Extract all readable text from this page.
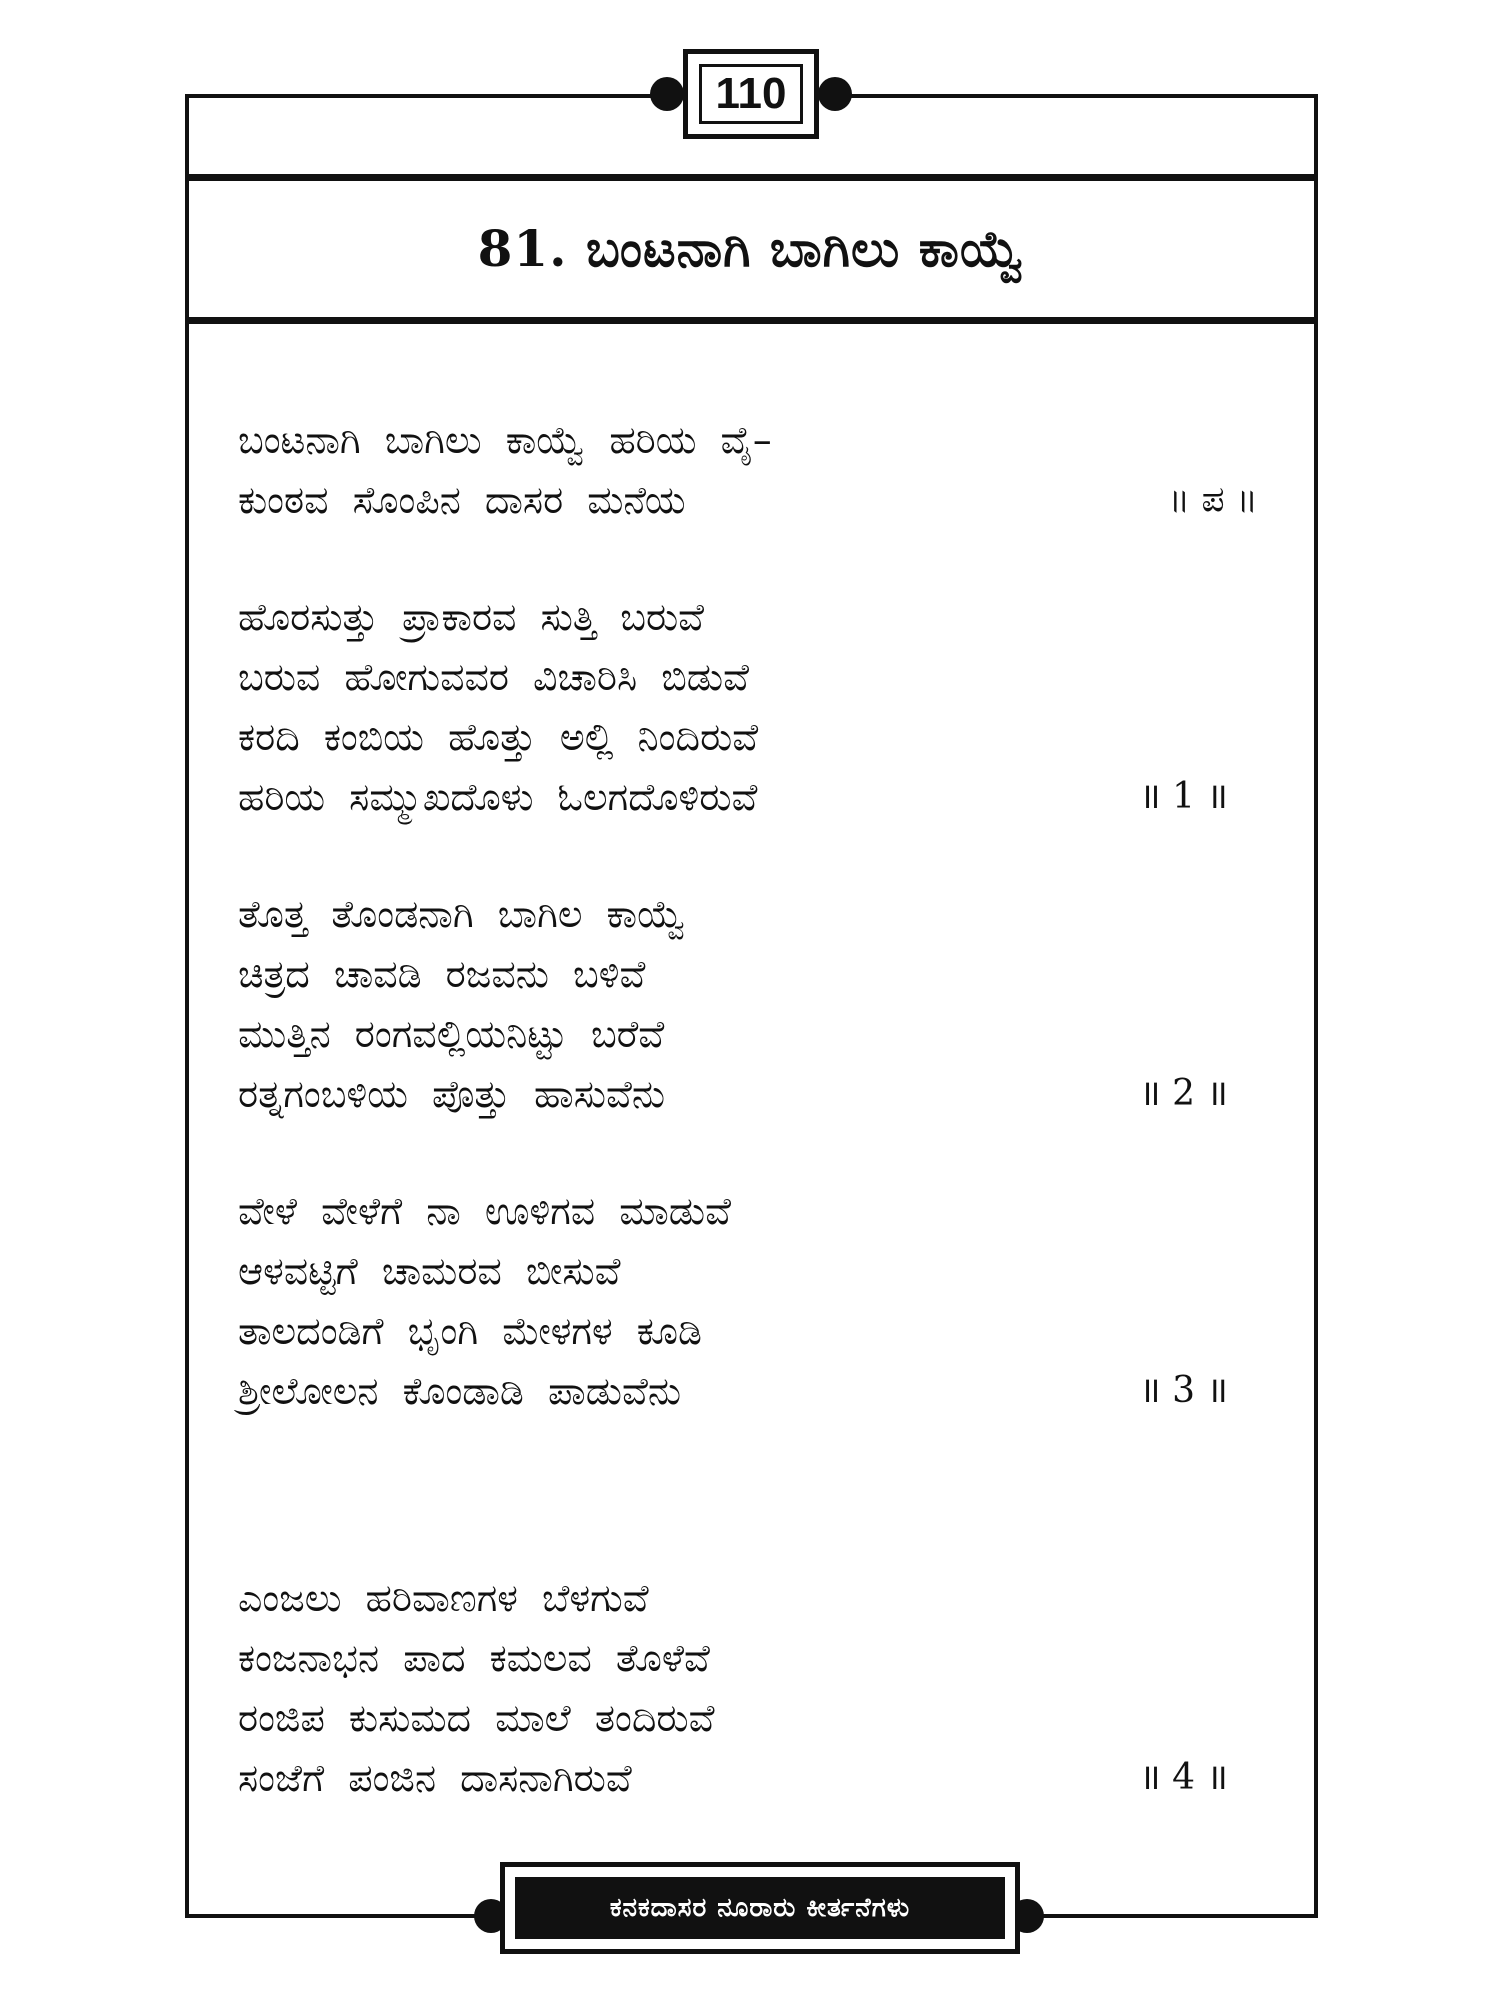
81. ಬಂಟನಾಗಿ ಬಾಗಿಲು ಕಾಯ್ವೆ
110
ಬಂಟನಾಗಿ ಬಾಗಿಲು ಕಾಯ್ವೆ ಹರಿಯ ವೈ–
ಕುಂಠವ ಸೊಂಪಿನ ದಾಸರ ಮನೆಯ	॥ ಪ ॥
ಹೊರಸುತ್ತು ಪ್ರಾಕಾರವ ಸುತ್ತಿ ಬರುವೆ
ಬರುವ ಹೋಗುವವರ ವಿಚಾರಿಸಿ ಬಿಡುವೆ
ಕರದಿ ಕಂಬಿಯ ಹೊತ್ತು ಅಲ್ಲಿ ನಿಂದಿರುವೆ
ಹರಿಯ ಸಮ್ಮುಖದೊಳು ಓಲಗದೊಳಿರುವೆ	॥ 1 ॥
ತೊತ್ತ ತೊಂಡನಾಗಿ ಬಾಗಿಲ ಕಾಯ್ವೆ
ಚಿತ್ರದ ಚಾವಡಿ ರಜವನು ಬಳಿವೆ
ಮುತ್ತಿನ ರಂಗವಲ್ಲಿಯನಿಟ್ಟು ಬರೆವೆ
ರತ್ನಗಂಬಳಿಯ ಪೊತ್ತು ಹಾಸುವೆನು	॥ 2 ॥
ವೇಳೆ ವೇಳೆಗೆ ನಾ ಊಳಿಗವ ಮಾಡುವೆ
ಆಳವಟ್ಟಿಗೆ ಚಾಮರವ ಬೀಸುವೆ
ತಾಲದಂಡಿಗೆ ಭೃಂಗಿ ಮೇಳಗಳ ಕೂಡಿ
ಶ್ರೀಲೋಲನ ಕೊಂಡಾಡಿ ಪಾಡುವೆನು	॥ 3 ॥
ಎಂಜಲು ಹರಿವಾಣಗಳ ಬೆಳಗುವೆ
ಕಂಜನಾಭನ ಪಾದ ಕಮಲವ ತೊಳೆವೆ
ರಂಜಿಪ ಕುಸುಮದ ಮಾಲೆ ತಂದಿರುವೆ
ಸಂಜೆಗೆ ಪಂಜಿನ ದಾಸನಾಗಿರುವೆ	॥ 4 ॥
ಕನಕದಾಸರ ನೂರಾರು ಕೀರ್ತನೆಗಳು
